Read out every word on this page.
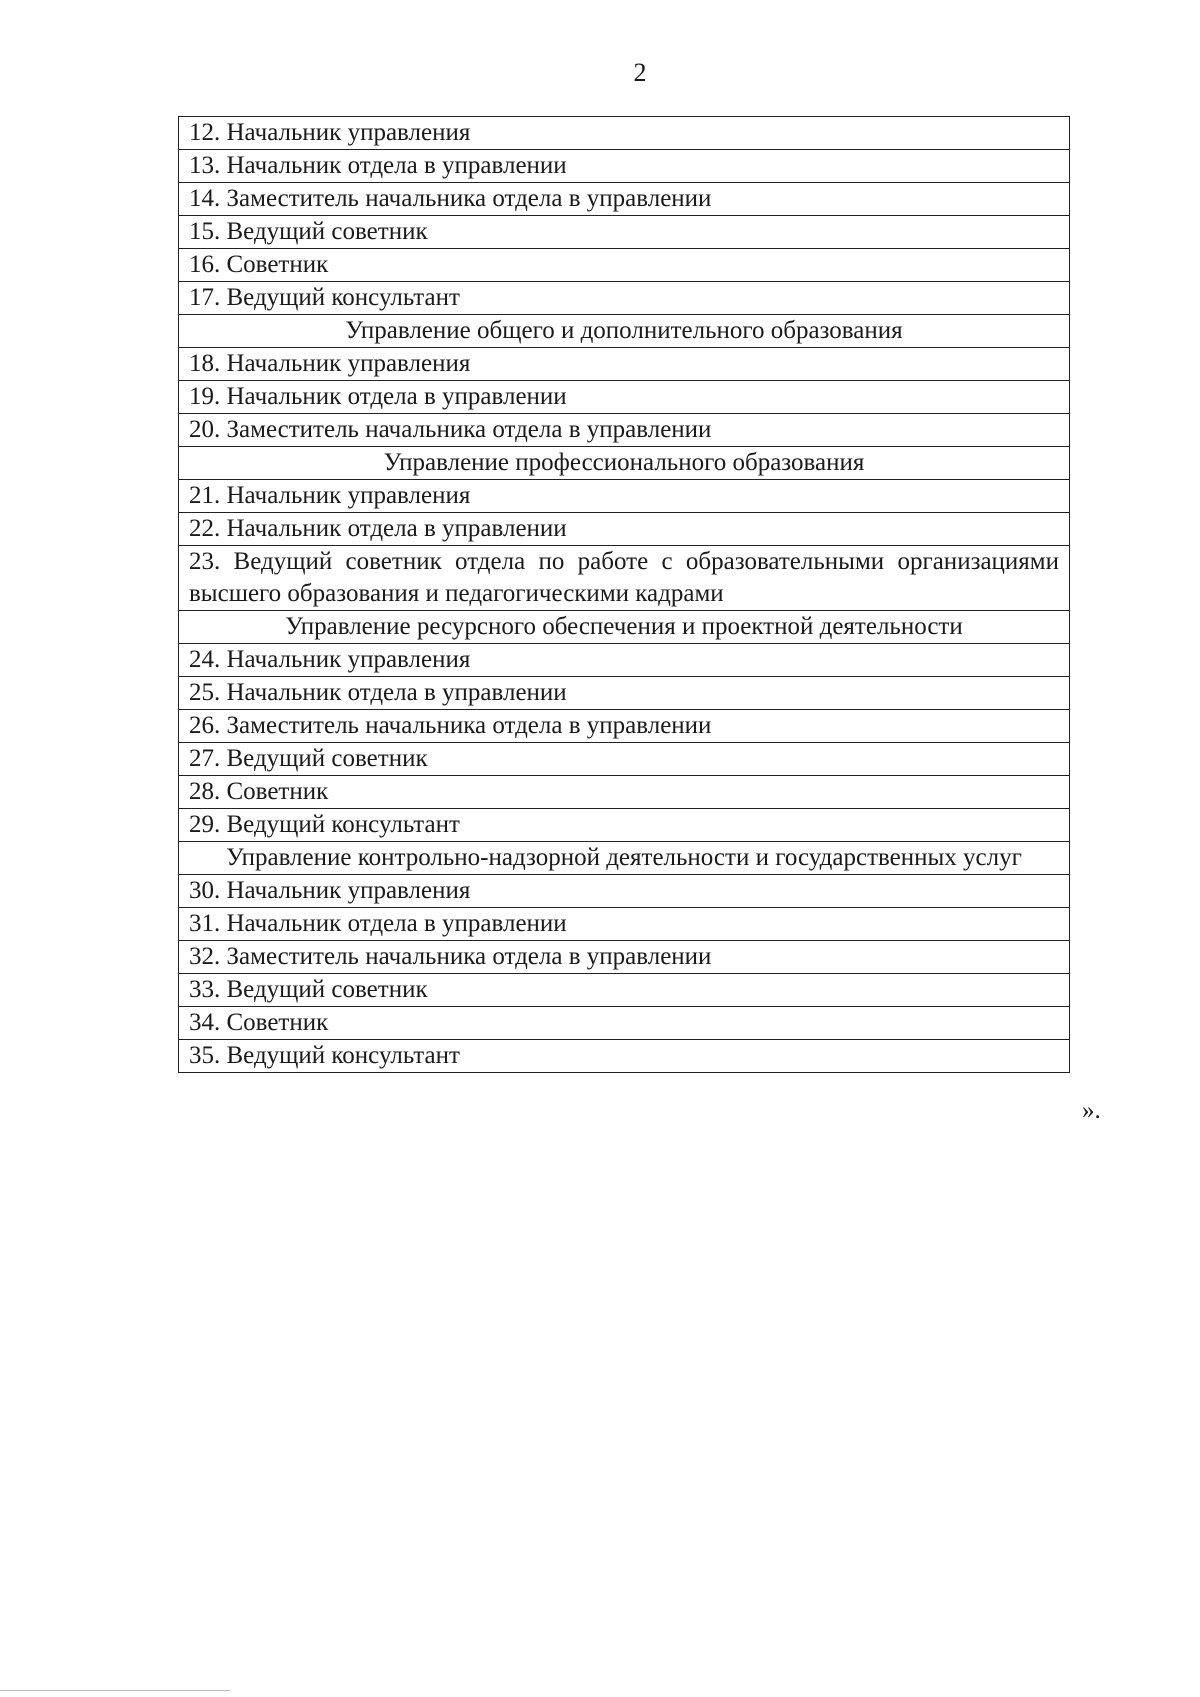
2
12. Начальник управления
13. Начальник отдела в управлении
14. Заместитель начальника отдела в управлении
15. Ведущий советник
16. Советник
17. Ведущий консультант
Управление общего и дополнительного образования
18. Начальник управления
19. Начальник отдела в управлении
20. Заместитель начальника отдела в управлении
Управление профессионального образования
21. Начальник управления
22. Начальник отдела в управлении
23. Ведущий советник отдела по работе с образовательными организациями высшего образования и педагогическими кадрами
Управление ресурсного обеспечения и проектной деятельности
24. Начальник управления
25. Начальник отдела в управлении
26. Заместитель начальника отдела в управлении
27. Ведущий советник
28. Советник
29. Ведущий консультант
Управление контрольно-надзорной деятельности и государственных услуг
30. Начальник управления
31. Начальник отдела в управлении
32. Заместитель начальника отдела в управлении
33. Ведущий советник
34. Советник
35. Ведущий консультант
».
